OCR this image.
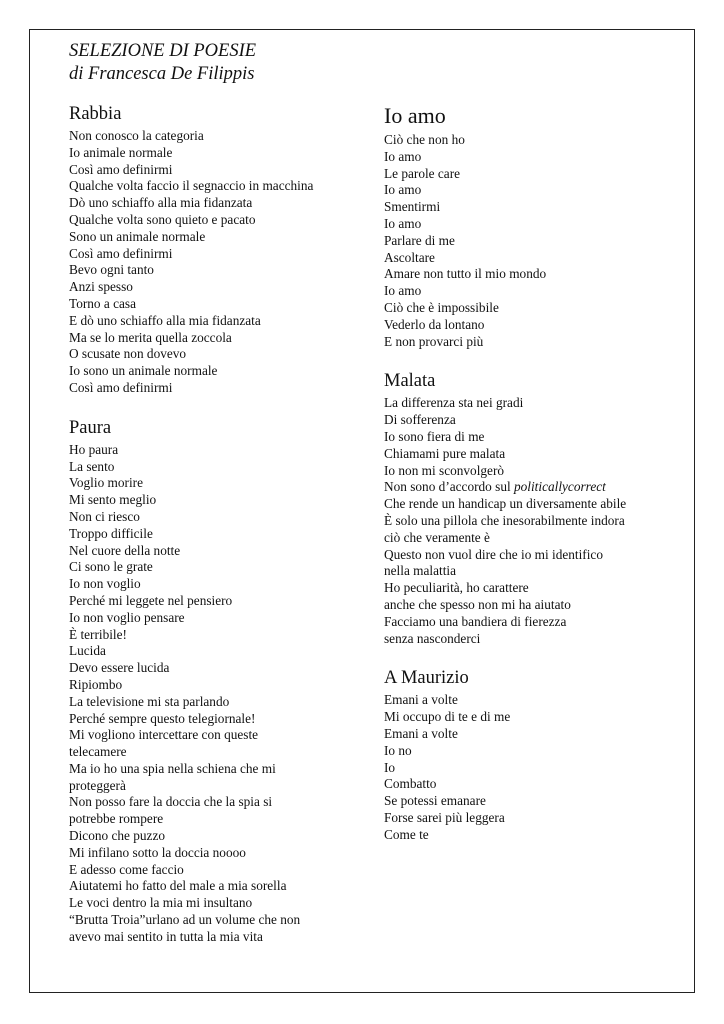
SELEZIONE DI POESIE
di Francesca De Filippis
Rabbia
Non conosco la categoria
Io animale normale
Così amo definirmi
Qualche volta faccio il segnaccio in macchina
Dò uno schiaffo alla mia fidanzata
Qualche volta sono quieto e pacato
Sono un animale normale
Così amo definirmi
Bevo ogni tanto
Anzi spesso
Torno a casa
E dò uno schiaffo alla mia fidanzata
Ma se lo merita quella zoccola
O scusate non dovevo
Io sono un animale normale
Così amo definirmi
Paura
Ho paura
La sento
Voglio morire
Mi sento meglio
Non ci riesco
Troppo difficile
Nel cuore della notte
Ci sono le grate
Io non voglio
Perché mi leggete nel pensiero
Io non voglio pensare
È terribile!
Lucida
Devo essere lucida
Ripiombo
La televisione mi sta parlando
Perché sempre questo telegiornale!
Mi vogliono intercettare con queste
telecamere
Ma io ho una spia nella schiena che mi
proteggerà
Non posso fare la doccia che la spia si
potrebbe rompere
Dicono che puzzo
Mi infilano sotto la doccia noooo
E adesso come faccio
Aiutatemi ho fatto del male a mia sorella
Le voci dentro la mia mi insultano
“Brutta Troia”urlano ad un volume che non
avevo mai sentito in tutta la mia vita
Io amo
Ciò che non ho
Io amo
Le parole care
Io amo
Smentirmi
Io amo
Parlare di me
Ascoltare
Amare non tutto il mio mondo
Io amo
Ciò che è impossibile
Vederlo da lontano
E non provarci più
Malata
La differenza sta nei gradi
Di sofferenza
Io sono fiera di me
Chiamami pure malata
Io non mi sconvolgerò
Non sono d’accordo sul politicallycorrect
Che rende un handicap un diversamente abile
È solo una pillola che inesorabilmente indora
ciò che veramente è
Questo non vuol dire che io mi identifico
nella malattia
Ho peculiarità, ho carattere
anche che spesso non mi ha aiutato
Facciamo una bandiera di fierezza
senza nasconderci
A Maurizio
Emani a volte
Mi occupo di te e di me
Emani a volte
Io no
Io
Combatto
Se potessi emanare
Forse sarei più leggera
Come te
